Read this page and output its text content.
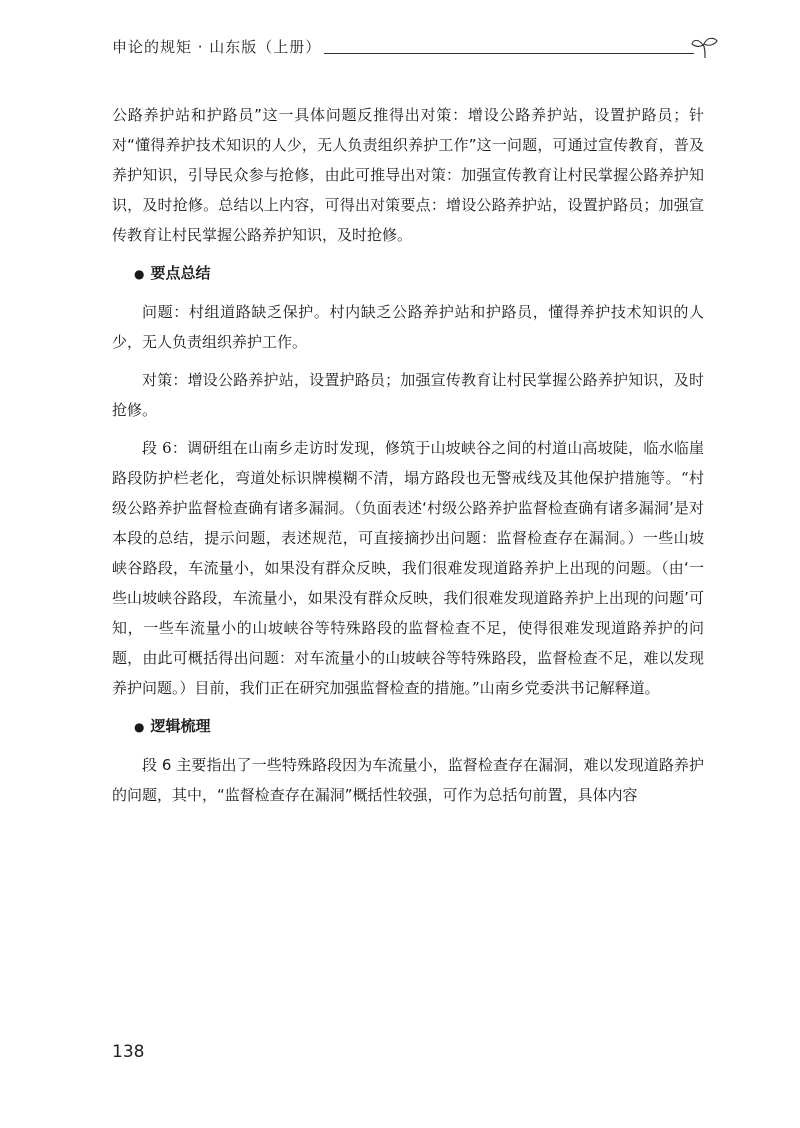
申论的规矩 · 山东版（上册）

公路养护站和护路员”这一具体问题反推得出对策：增设公路养护站，设置护路员；针对“懂得养护技术知识的人少，无人负责组织养护工作”这一问题，可通过宣传教育，普及养护知识，引导民众参与抢修，由此可推导出对策：加强宣传教育让村民掌握公路养护知识，及时抢修。总结以上内容，可得出对策要点：增设公路养护站，设置护路员；加强宣传教育让村民掌握公路养护知识，及时抢修。

● 要点总结

问题：村组道路缺乏保护。村内缺乏公路养护站和护路员，懂得养护技术知识的人少，无人负责组织养护工作。

对策：增设公路养护站，设置护路员；加强宣传教育让村民掌握公路养护知识，及时抢修。

段 6：调研组在山南乡走访时发现，修筑于山坡峡谷之间的村道山高坡陡，临水临崖路段防护栏老化，弯道处标识牌模糊不清，塌方路段也无警戒线及其他保护措施等。“村级公路养护监督检查确有诸多漏洞。（负面表述‘村级公路养护监督检查确有诸多漏洞’是对本段的总结，提示问题，表述规范，可直接摘抄出问题：监督检查存在漏洞。）一些山坡峡谷路段，车流量小，如果没有群众反映，我们很难发现道路养护上出现的问题。（由‘一些山坡峡谷路段，车流量小，如果没有群众反映，我们很难发现道路养护上出现的问题’可知，一些车流量小的山坡峡谷等特殊路段的监督检查不足，使得很难发现道路养护的问题，由此可概括得出问题：对车流量小的山坡峡谷等特殊路段，监督检查不足，难以发现养护问题。）目前，我们正在研究加强监督检查的措施。”山南乡党委洪书记解释道。

● 逻辑梳理

段 6 主要指出了一些特殊路段因为车流量小，监督检查存在漏洞，难以发现道路养护的问题，其中，“监督检查存在漏洞”概括性较强，可作为总括句前置，具体内容

138
